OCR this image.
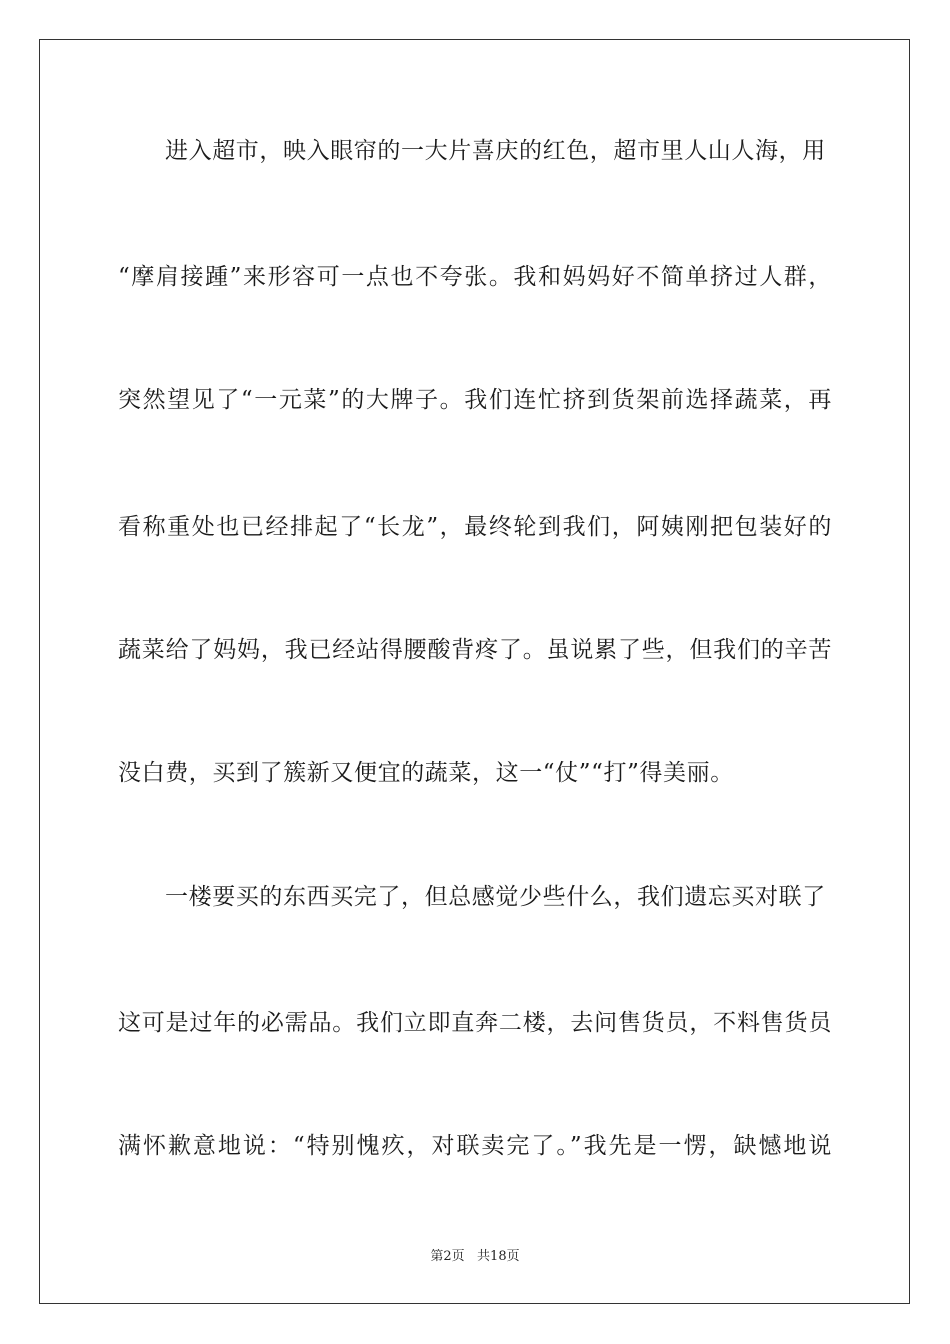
进入超市，映入眼帘的一大片喜庆的红色，超市里人山人海，用
“摩肩接踵”来形容可一点也不夸张。我和妈妈好不简单挤过人群，
突然望见了“一元菜”的大牌子。我们连忙挤到货架前选择蔬菜，再
看称重处也已经排起了“长龙”，最终轮到我们，阿姨刚把包装好的
蔬菜给了妈妈，我已经站得腰酸背疼了。虽说累了些，但我们的辛苦
没白费，买到了簇新又便宜的蔬菜，这一“仗”“打”得美丽。
一楼要买的东西买完了，但总感觉少些什么，我们遗忘买对联了
这可是过年的必需品。我们立即直奔二楼，去问售货员，不料售货员
满怀歉意地说：“特别愧疚，对联卖完了。”我先是一愣，缺憾地说
第2页   共18页
